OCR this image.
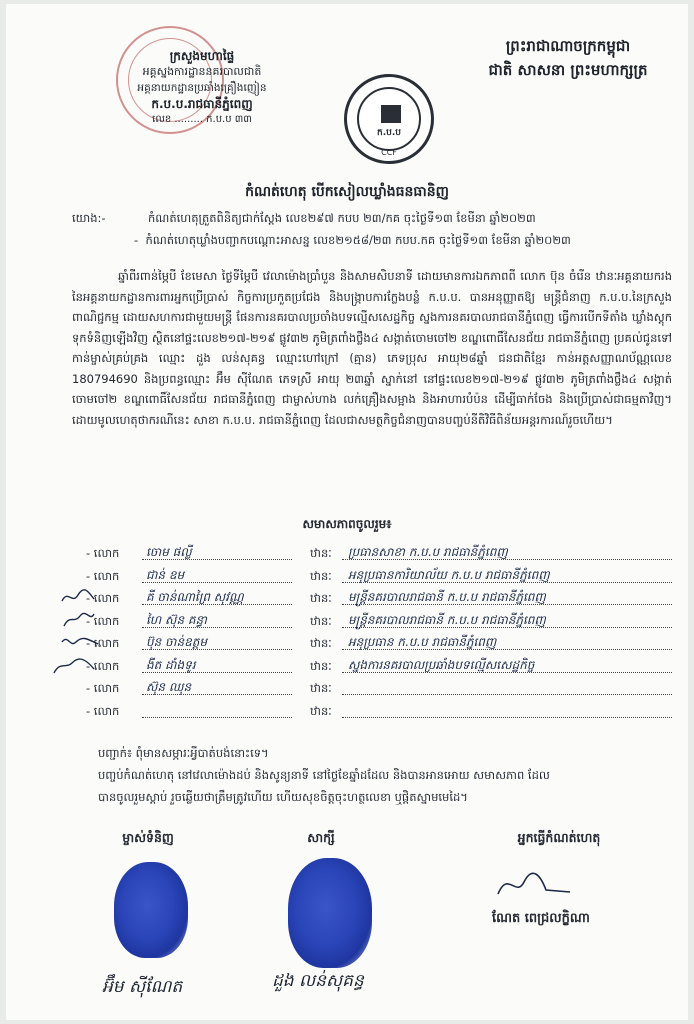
ក្រសួងមហាផ្ទៃ
អគ្គស្នងការដ្ឋាននគរបាលជាតិ
អគ្គនាយកដ្ឋានប្រឆាំងគ្រឿងញៀន
ក.ប.ប.រាជធានីភ្នំពេញ
លេខ ......... ក.ប.ប ៣៣
ក.ប.ប
CCF
ព្រះរាជាណាចក្រកម្ពុជា
ជាតិ សាសនា ព្រះមហាក្សត្រ
កំណត់ហេតុ បើកសៀលឃ្លាំងធនធានិញ
យោង:-	កំណត់ហេតុត្រួតពិនិត្យជាក់ស្តែង លេខ២៩៧ កបប ២៣/កគ ចុះថ្ងៃទី១៣ ខែមីនា ឆ្នាំ២០២៣
-  កំណត់ហេតុឃ្លាំងបញ្ជាកបណ្ដោះអាសន្ន លេខ២១៥៨/២៣ កបប.កគ ចុះថ្ងៃទី១៣ ខែមីនា ឆ្នាំ២០២៣
ឆ្នាំពីរពាន់ម្ភៃបី ខែមេសា ថ្ងៃទីម្ភៃបី វេលាម៉ោងប្រាំបួន និងសាមសិបនាទី ដោយមានការឯកភាពពី លោក ប៊ុន ចំរើន ឋានៈអគ្គនាយករង នៃអគ្គនាយកដ្ឋានការពារអ្នកប្រើប្រាស់ កិច្ចការប្រកួតប្រជែង និងបង្ក្រាបការក្លែងបន្លំ ក.ប.ប. បានអនុញ្ញាតឱ្យ មន្ត្រីជំនាញ ក.ប.ប.នៃក្រសួងពាណិជ្ជកម្ម ដោយសហការជាមួយមន្ត្រី ផែនការនគរបាលប្រចាំងបទល្មើសសេដ្ឋកិច្ច ស្នងការនគរបាលរាជធានីភ្នំពេញ ធ្វើការបើកទីតាំង ឃ្លាំងស្តុកទុកទំនិញឡើងវិញ ស្ថិតនៅផ្ទះលេខ២១៧-២១៩ ផ្លូវ៣២ ភូមិត្រពាំងថ្លឹង៤ សង្កាត់ចោមចៅ២ ខណ្ឌពោធិ៍សែនជ័យ រាជធានីភ្នំពេញ ប្រគល់ជូនទៅកាន់ម្ចាស់គ្រប់គ្រង ឈ្មោះ ដួង លន់សុគន្ធ ឈ្មោះហៅក្រៅ (គ្មាន) ភេទប្រុស អាយុ២៨ឆ្នាំ ជនជាតិខ្មែរ កាន់អត្តសញ្ញាណប័ណ្ណលេខ 180794690 និងប្រពន្ធឈ្មោះ អ៊ឹម ស៊ីណែត ភេទស្រី អាយុ ២៣ឆ្នាំ ស្នាក់នៅ នៅផ្ទះលេខ២១៧-២១៩ ផ្លូវ៣២ ភូមិត្រពាំងថ្លឹង៤ សង្កាត់ចោមចៅ២ ខណ្ឌពោធិ៍សែនជ័យ រាជធានីភ្នំពេញ ជាម្ចាស់ហាង លក់គ្រឿងសម្អាង និងអាហារបំប៉ន ដើម្បីធាក់ចែង និងប្រើប្រាស់ជាធម្មតាវិញ។ ដោយមូលហេតុថាករណីនេះ សាខា ក.ប.ប. រាជធានីភ្នំពេញ ដែលជាសមត្ថកិច្ចជំនាញបានបញ្ចប់នីតិវិធីពិន័យអន្តរការណ៍រួចហើយ។
សមាសភាពចូលរួម៖
- លោក ចោម ផល្លី	ឋានៈ ប្រធានសាខា ក.ប.ប រាជធានីភ្នំពេញ
- លោក ជាន់ ឧម	ឋានៈ អនុប្រធានការិយាល័យ ក.ប.ប រាជធានីភ្នំពេញ
- លោក គី ចាន់ណាព្រៃ សុវណ្ណ	ឋានៈ មន្ត្រីនគរបាលរាជធានី ក.ប.ប រាជធានីភ្នំពេញ
- លោក ហៃ ស៊ុន គន្ធា	ឋានៈ មន្ត្រីនគរបាលរាជធានី ក.ប.ប រាជធានីភ្នំពេញ
- លោក ប៊ុន ចាន់ឧត្តម	ឋានៈ អនុប្រធាន ក.ប.ប រាជធានីភ្នំពេញ
- លោក ងីត ដាំងទូរ	ឋានៈ ស្នងការនគរបាលប្រឆាំងបទល្មើសសេដ្ឋកិច្ច
- លោក ស៊ុន ឈុន	ឋានៈ
- លោក	ឋានៈ
បញ្ជាក់៖ ពុំមានសម្ភារៈអ្វីបាត់បង់នោះទេ។
បញ្ចប់កំណត់ហេតុ នៅវេលាម៉ោងដប់ និងសូន្យនាទី នៅថ្ងៃខែឆ្នាំដដែល និងបានអានអោយ សមាសភាព ដែល
បានចូលរួមស្តាប់ រួចឆ្លើយថាត្រឹមត្រូវហើយ ហើយសុខចិត្តចុះហត្ថលេខា ឬផ្តិតស្នាមមេដៃ។
ម្ចាស់ទំនិញ	សាក្សី	អ្នកធ្វើកំណត់ហេតុ
អ៊ឹម ស៊ីណែត	ដួង លន់សុគន្ធ
ណែត ពេជ្រលក្ខិណា
